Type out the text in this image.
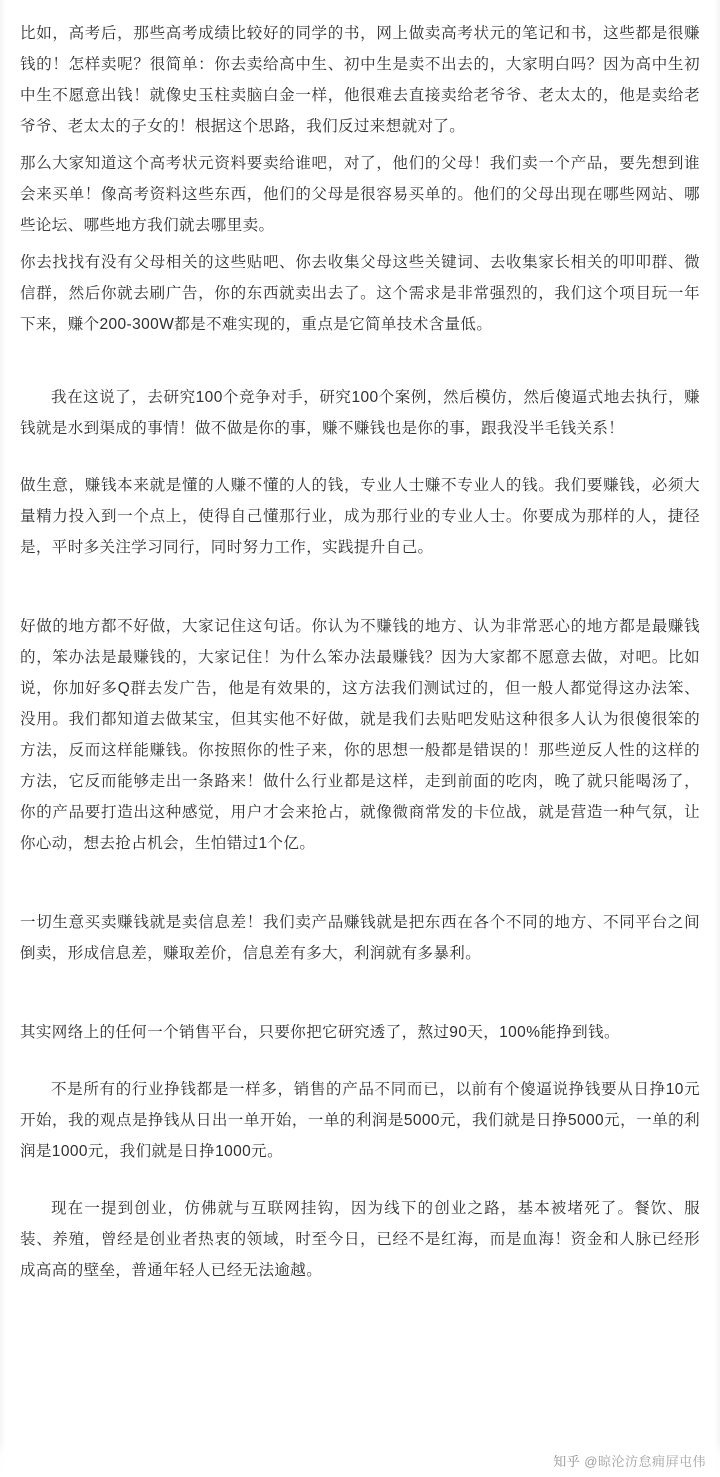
比如，高考后，那些高考成绩比较好的同学的书，网上做卖高考状元的笔记和书，这些都是很赚钱的！怎样卖呢？很简单：你去卖给高中生、初中生是卖不出去的，大家明白吗？因为高中生初中生不愿意出钱！就像史玉柱卖脑白金一样，他很难去直接卖给老爷爷、老太太的，他是卖给老爷爷、老太太的子女的！根据这个思路，我们反过来想就对了。

那么大家知道这个高考状元资料要卖给谁吧，对了，他们的父母！我们卖一个产品，要先想到谁会来买单！像高考资料这些东西，他们的父母是很容易买单的。他们的父母出现在哪些网站、哪些论坛、哪些地方我们就去哪里卖。

你去找找有没有父母相关的这些贴吧、你去收集父母这些关键词、去收集家长相关的叩叩群、微信群，然后你就去刷广告，你的东西就卖出去了。这个需求是非常强烈的，我们这个项目玩一年下来，赚个200-300W都是不难实现的，重点是它简单技术含量低。

我在这说了，去研究100个竞争对手，研究100个案例，然后模仿，然后傻逼式地去执行，赚钱就是水到渠成的事情！做不做是你的事，赚不赚钱也是你的事，跟我没半毛钱关系！

做生意，赚钱本来就是懂的人赚不懂的人的钱，专业人士赚不专业人的钱。我们要赚钱，必须大量精力投入到一个点上，使得自己懂那行业，成为那行业的专业人士。你要成为那样的人，捷径是，平时多关注学习同行，同时努力工作，实践提升自己。

好做的地方都不好做，大家记住这句话。你认为不赚钱的地方、认为非常恶心的地方都是最赚钱的，笨办法是最赚钱的，大家记住！为什么笨办法最赚钱？因为大家都不愿意去做，对吧。比如说，你加好多Q群去发广告，他是有效果的，这方法我们测试过的，但一般人都觉得这办法笨、没用。我们都知道去做某宝，但其实他不好做，就是我们去贴吧发贴这种很多人认为很傻很笨的方法，反而这样能赚钱。你按照你的性子来，你的思想一般都是错误的！那些逆反人性的这样的方法，它反而能够走出一条路来！做什么行业都是这样，走到前面的吃肉，晚了就只能喝汤了，你的产品要打造出这种感觉，用户才会来抢占，就像微商常发的卡位战，就是营造一种气氛，让你心动，想去抢占机会，生怕错过1个亿。

一切生意买卖赚钱就是卖信息差！我们卖产品赚钱就是把东西在各个不同的地方、不同平台之间倒卖，形成信息差，赚取差价，信息差有多大，利润就有多暴利。

其实网络上的任何一个销售平台，只要你把它研究透了，熬过90天，100%能挣到钱。

不是所有的行业挣钱都是一样多，销售的产品不同而已，以前有个傻逼说挣钱要从日挣10元开始，我的观点是挣钱从日出一单开始，一单的利润是5000元，我们就是日挣5000元，一单的利润是1000元，我们就是日挣1000元。

现在一提到创业，仿佛就与互联网挂钩，因为线下的创业之路，基本被堵死了。餐饮、服装、养殖，曾经是创业者热衷的领域，时至今日，已经不是红海，而是血海！资金和人脉已经形成高高的壁垒，普通年轻人已经无法逾越。

知乎 @晾沦汸怠痈屛屯伟
